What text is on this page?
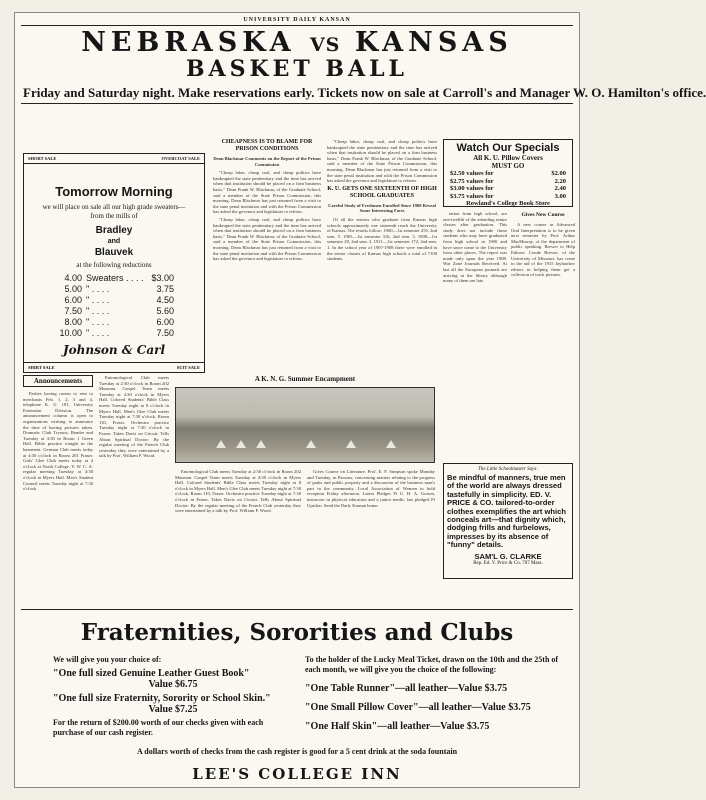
UNIVERSITY DAILY KANSAN
NEBRASKA VS KANSAS
BASKET BALL
Friday and Saturday night. Make reservations early. Tickets now on sale at Carroll's and Manager W. O. Hamilton's office.
SHORT SALE	OVERCOAT SALE
Tomorrow Morning
we will place on sale all our high grade sweaters—from the mills of
Bradley
and
Blauvek
at the following reductions
4.00 Sweaters . . . . $3.00
5.00 " . . . .	3.75
6.00 " . . . .	4.50
7.50 " . . . .	5.60
8.00 " . . . .	6.00
10.00 " . . . .	7.50
Johnson & Carl
SHIRT SALE	SUIT SALE
CHEAPNESS IS TO BLAME FOR PRISON CONDITIONS
Dean Blackmar Comments on the Report of the Prison Commission

"Cheap labor, cheap coal, and cheap politics have bankrupted the state penitentiary and the time has arrived when that institution should be placed on a firm business basis," Dean Frank W. Blackmar, of the Graduate School, said a member of the State Prison Commission, this morning. Dean Blackmar has just returned from a visit to the state penal institution and with the Prison Commission has asked the governor and legislature to reform.

"Cheap labor, cheap coal, and cheap politics have bankrupted the state penitentiary and the time has arrived when that institution should be placed on a firm business basis," Dean Frank W. Blackmar, of the Graduate School, said a member of the State Prison Commission, this morning. Dean Blackmar has just returned from a visit to the state penal institution and with the Prison Commission has asked the governor and legislature to reform.

"Cheap labor, cheap coal, and cheap politics have bankrupted the state penitentiary and the time has arrived when that institution should be placed on a firm business basis," Dean Frank W. Blackmar, of the Graduate School, said a member of the State Prison Commission, this morning. Dean Blackmar has just returned from a visit to the state penal institution and with the Prison Commission has asked the governor and legislature to reform.

K. U. GETS ONE SIXTEENTH OF HIGH SCHOOL GRADUATES
Careful Study of Freshmen Enrolled Since 1900 Reveal Some Interesting Facts

Of all the seniors who graduate from Kansas high schools approximately one sixteenth reach the University of Kansas. The results follow: 1900—1st semester 255, 2nd sem. 5. 1905—1st semester 316, 2nd sem. 3. 1908—1st semester 29, 2nd sem. 3. 1911—1st semester 172, 2nd sem. 1. In the school year of 1907-1908 there were enrolled in the senior classes of Kansas high schools a total of 7100 students.

Watch Our Specials
All K. U. Pillow Covers
MUST GO
$2.50 values for	$2.00
$2.75 values for	2.20
$3.00 values for	2.40
$3.75 values for	3.00
Rowland's College Book Store

tation from high school, are one-twelfth of the attending senior classes after graduation. This study does not include those students who may have graduated from high school in 1900 and have since come to the University from other places. The report was made only upon the year 1908. War Zone Journals Received. At last all the European journals are arriving at the library although many of them are late.

Gives New Course

A new course in Advanced Oral Interpretation is to be given next semester by Prof. Arthur MacMurray, of the department of public speaking. Brewer to Help Editors: Conde Brewer, of the University of Missouri, has come to the aid of the 1915 Jayhawker editors in helping them get a collection of track pictures.

Announcements

Parties having rooms to rent to merchants Feb. 1, 2, 3 and 4, telephone K. U. 181, University Extension Division. The announcement column is open to organizations wishing to announce the time of having pictures taken. Dramatic Club Tryouts, Bender and Tuesday at 4:30 in Room 1 Green Hall. Bible practice tonight in the basement. German Club meets today at 4:30 o'clock in Room 201 Fraser. Girls' Glee Club meets today at 4 o'clock at North College. Y. W. C. A. regular meeting Tuesday at 4:30 o'clock in Myers Hall. Men's Student Council meets Tuesday night at 7:30 o'clock.

Entomological Club meets Tuesday at 2:30 o'clock in Room 202 Museum. Gospel Team meets Tuesday at 4:30 o'clock in Myers Hall. Colored Students' Bible Class meets Tuesday night at 8 o'clock in Myers Hall. Men's Glee Club meets Tuesday night at 7:30 o'clock, Room 110, Fraser. Orchestra practice Tuesday night at 7:30 o'clock in Fraser. Takes Davis on Circuit. Tells About Spiritual Doctor: By the regular meeting of the French Club yesterday they were entertained by a talk by Prof. William P. Wood.

A K. N. G. Summer Encampment

Entomological Club meets Tuesday at 2:30 o'clock in Room 202 Museum. Gospel Team meets Tuesday at 4:30 o'clock in Myers Hall. Colored Students' Bible Class meets Tuesday night at 8 o'clock in Myers Hall. Men's Glee Club meets Tuesday night at 7:30 o'clock, Room 110, Fraser. Orchestra practice Tuesday night at 7:30 o'clock in Fraser. Takes Davis on Circuit. Tells About Spiritual Doctor: By the regular meeting of the French Club yesterday they were entertained by a talk by Prof. William P. Wood.

Gives Course on Literature. Prof. E. F. Simpson spoke Monday and Tuesday, in Parsons, concerning matters relating to the progress of parks and public property and a discussion of the business man's part in the community. Local Association of Women to hold reception Friday afternoon. Latest Pledges Pi U. H. A. Gorton, instructor in physical education and a junior medic, has pledged Pi Upsilon. Send the Daily Kansan home.

The Little Schoolmaster Says:
Be mindful of manners, true men of the world are always dressed tastefully in simplicity. ED. V. PRICE & CO. tailored-to-order clothes exemplifies the art which conceals art—that dignity which, dodging frills and furbelows, impresses by its absence of "funny" details.
SAM'L G. CLARKE
Rep. Ed. V. Price & Co. 707 Mass.
Fraternities, Sororities and Clubs
We will give you your choice of:
"One full sized Genuine Leather Guest Book"
Value $6.75
"One full size Fraternity, Sorority or School Skin."
Value $7.25
For the return of $200.00 worth of our checks given with each purchase of our cash register.
To the holder of the Lucky Meal Ticket, drawn on the 10th and the 25th of each month, we will give you the choice of the following:
"One Table Runner"—all leather—Value $3.75
"One Small Pillow Cover"—all leather—Value $3.75
"One Half Skin"—all leather—Value $3.75
A dollars worth of checks from the cash register is good for a 5 cent drink at the soda fountain
LEE'S COLLEGE INN
